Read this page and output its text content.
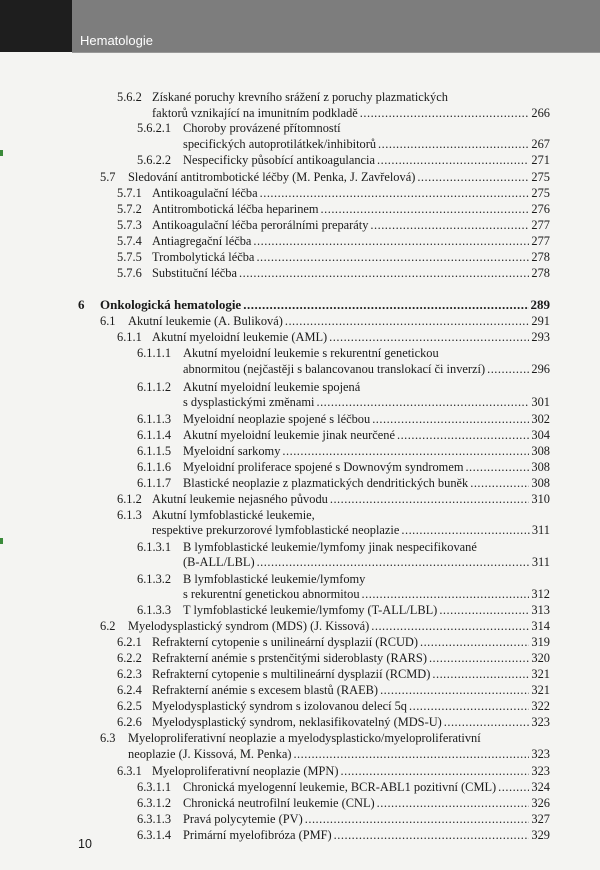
Hematologie
5.6.2 Získané poruchy krevního srážení z poruchy plazmatických
faktorů vznikající na imunitním podkladě .....	266
5.6.2.1 Choroby provázené přítomností
specifických autoprotilátkek/inhibitorů .....	267
5.6.2.2 Nespecificky působící antikoagulancia .....	271
5.7 Sledování antitrombotické léčby (M. Penka, J. Zavřelová) .....	275
5.7.1 Antikoagulační léčba .....	275
5.7.2 Antitrombotická léčba heparinem .....	276
5.7.3 Antikoagulační léčba perorálními preparáty .....	277
5.7.4 Antiagregační léčba .....	277
5.7.5 Trombolytická léčba .....	278
5.7.6 Substituční léčba .....	278
6 Onkologická hematologie .....	289
6.1 Akutní leukemie (A. Buliková) .....	291
6.1.1 Akutní myeloidní leukemie (AML) .....	293
6.1.1.1 Akutní myeloidní leukemie s rekurentní genetickou
abnormitou (nejčastěji s balancovanou translokací či inverzí) .....	296
6.1.1.2 Akutní myeloidní leukemie spojená
s dysplastickými změnami .....	301
6.1.1.3 Myeloidní neoplazie spojené s léčbou .....	302
6.1.1.4 Akutní myeloidní leukemie jinak neurčené .....	304
6.1.1.5 Myeloidní sarkomy .....	308
6.1.1.6 Myeloidní proliferace spojené s Downovým syndromem .....	308
6.1.1.7 Blastické neoplazie z plazmatických dendritických buněk .....	308
6.1.2 Akutní leukemie nejasného původu .....	310
6.1.3 Akutní lymfoblastické leukemie,
respektive prekurzorové lymfoblastické neoplazie .....	311
6.1.3.1 B lymfoblastické leukemie/lymfomy jinak nespecifikované
(B-ALL/LBL) .....	311
6.1.3.2 B lymfoblastické leukemie/lymfomy
s rekurentní genetickou abnormitou .....	312
6.1.3.3 T lymfoblastické leukemie/lymfomy (T-ALL/LBL) .....	313
6.2 Myelodysplastický syndrom (MDS) (J. Kissová) .....	314
6.2.1 Refrakterní cytopenie s unilineární dysplazií (RCUD) .....	319
6.2.2 Refrakterní anémie s prstenčitými sideroblasty (RARS) .....	320
6.2.3 Refrakterní cytopenie s multilineární dysplazií (RCMD) .....	321
6.2.4 Refrakterní anémie s excesem blastů (RAEB) .....	321
6.2.5 Myelodysplastický syndrom s izolovanou delecí 5q .....	322
6.2.6 Myelodysplastický syndrom, neklasifikovatelný (MDS-U) .....	323
6.3 Myeloproliferativní neoplazie a myelodysplasticko/myeloproliferativní
neoplazie (J. Kissová, M. Penka) .....	323
6.3.1 Myeloproliferativní neoplazie (MPN) .....	323
6.3.1.1 Chronická myelogenní leukemie, BCR-ABL1 pozitivní (CML) .....	324
6.3.1.2 Chronická neutrofilní leukemie (CNL) .....	326
6.3.1.3 Pravá polycytemie (PV) .....	327
6.3.1.4 Primární myelofibróza (PMF) .....	329
10
